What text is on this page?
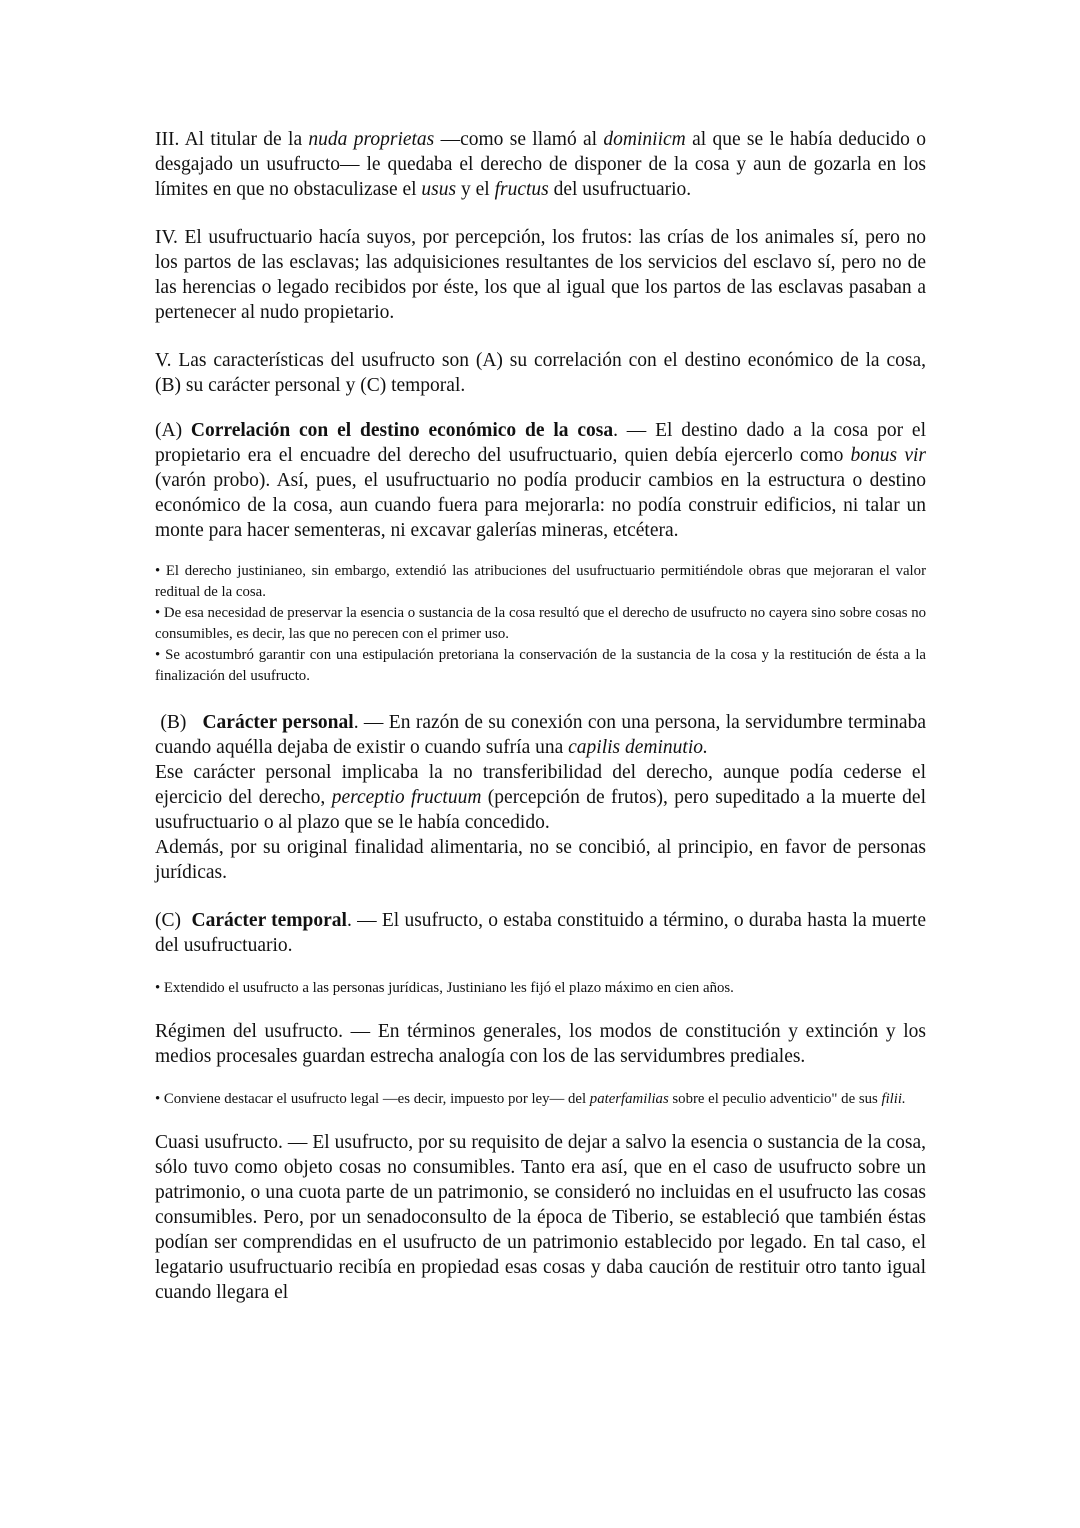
III. Al titular de la nuda proprietas —como se llamó al dominiicm al que se le había deducido o desgajado un usufructo— le quedaba el derecho de disponer de la cosa y aun de gozarla en los límites en que no obstaculizase el usus y el fructus del usufructuario.

IV. El usufructuario hacía suyos, por percepción, los frutos: las crías de los animales sí, pero no los partos de las esclavas; las adquisiciones resultantes de los servicios del esclavo sí, pero no de las herencias o legado recibidos por éste, los que al igual que los partos de las esclavas pasaban a pertenecer al nudo propietario.

V. Las características del usufructo son (A) su correlación con el destino económico de la cosa, (B) su carácter personal y (C) temporal.

(A) Correlación con el destino económico de la cosa. — El destino dado a la cosa por el propietario era el encuadre del derecho del usufructuario, quien debía ejercerlo como bonus vir (varón probo). Así, pues, el usufructuario no podía producir cambios en la estructura o destino económico de la cosa, aun cuando fuera para mejorarla: no podía construir edificios, ni talar un monte para hacer sementeras, ni excavar galerías mineras, etcétera.

• El derecho justinianeo, sin embargo, extendió las atribuciones del usufructuario permitiéndole obras que mejoraran el valor reditual de la cosa.

• De esa necesidad de preservar la esencia o sustancia de la cosa resultó que el derecho de usufructo no cayera sino sobre cosas no consumibles, es decir, las que no perecen con el primer uso.

• Se acostumbró garantir con una estipulación pretoriana la conservación de la sustancia de la cosa y la restitución de ésta a la finalización del usufructo.

(B)   Carácter personal. — En razón de su conexión con una persona, la servidumbre terminaba cuando aquélla dejaba de existir o cuando sufría una capilis deminutio.

Ese carácter personal implicaba la no transferibilidad del derecho, aunque podía cederse el ejercicio del derecho, perceptio fructuum (percepción de frutos), pero supeditado a la muerte del usufructuario o al plazo que se le había concedido.

Además, por su original finalidad alimentaria, no se concibió, al principio, en favor de personas jurídicas.

(C)  Carácter temporal. — El usufructo, o estaba constituido a término, o duraba hasta la muerte del usufructuario.

• Extendido el usufructo a las personas jurídicas, Justiniano les fijó el plazo máximo en cien años.

Régimen del usufructo. — En términos generales, los modos de constitución y extinción y los medios procesales guardan estrecha analogía con los de las servidumbres prediales.

• Conviene destacar el usufructo legal —es decir, impuesto por ley— del paterfamilias sobre el peculio adventicio" de sus filii.

Cuasi usufructo. — El usufructo, por su requisito de dejar a salvo la esencia o sustancia de la cosa, sólo tuvo como objeto cosas no consumibles. Tanto era así, que en el caso de usufructo sobre un patrimonio, o una cuota parte de un patrimonio, se consideró no incluidas en el usufructo las cosas consumibles. Pero, por un senadoconsulto de la época de Tiberio, se estableció que también éstas podían ser comprendidas en el usufructo de un patrimonio establecido por legado. En tal caso, el legatario usufructuario recibía en propiedad esas cosas y daba caución de restituir otro tanto igual cuando llegara el
